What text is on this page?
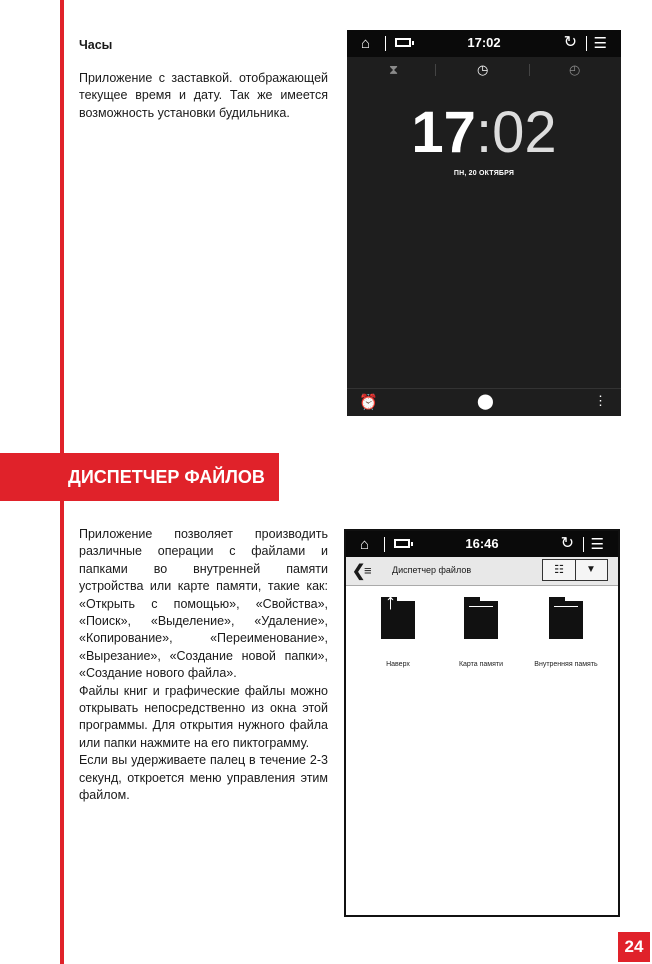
Часы

Приложение с заставкой. отображающей текущее время и дату. Так же имеется возможность установки будильника.

⌂	17:02	↻ ☰
⧗	◷	◴
17:02
ПН, 20 ОКТЯБРЯ
⏰	⬤	⋮
ДИСПЕТЧЕР ФАЙЛОВ

Приложение позволяет производить различные операции с файлами и папками во внутренней памяти устройства или карте памяти, такие как: «Открыть с помощью», «Свойства», «Поиск», «Выделение», «Удаление», «Копирование», «Переименование», «Вырезание», «Создание новой папки», «Создание нового файла».

Файлы книг и графические файлы можно открывать непосредственно из окна этой программы. Для открытия нужного файла или папки нажмите на его пиктограмму.

Если вы удерживаете палец в течение 2-3 секунд, откроется меню управления этим файлом.

⌂	16:46	↻ ☰
❮
≡ Диспетчер файлов	☷	▼
↑
Наверх	Карта памяти	Внутренняя память
24
